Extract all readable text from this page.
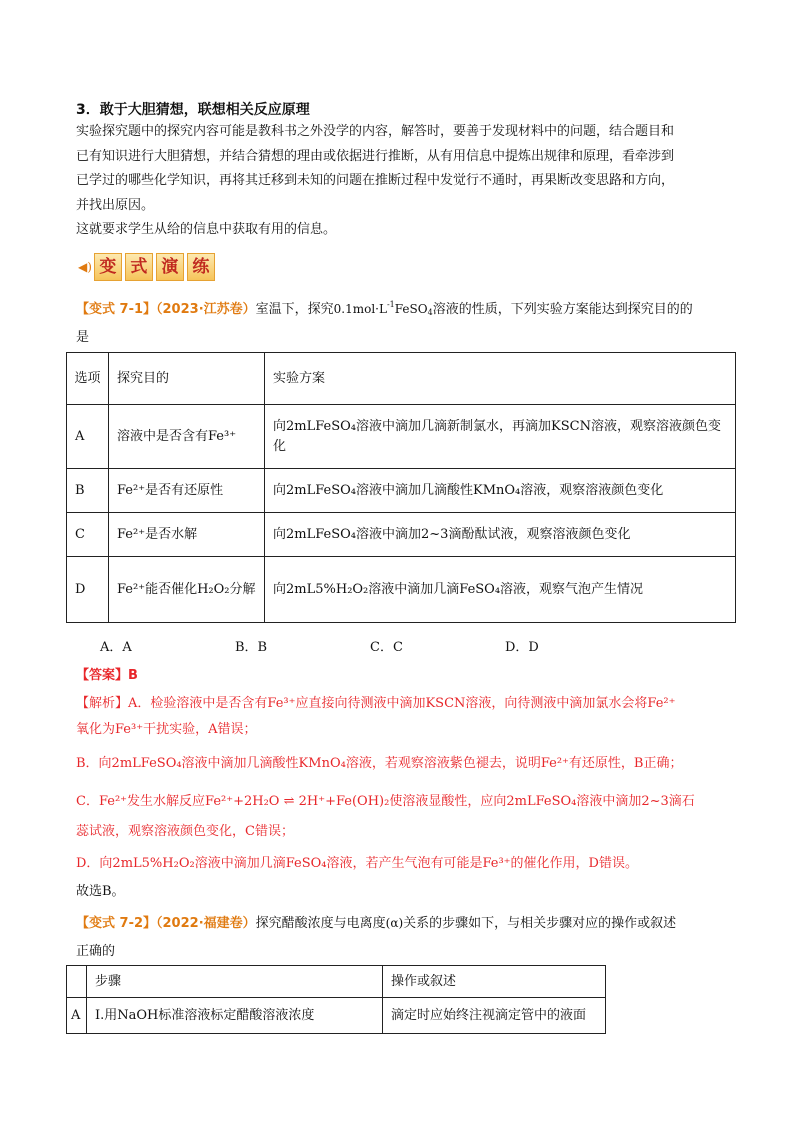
3．敢于大胆猜想，联想相关反应原理

实验探究题中的探究内容可能是教科书之外没学的内容，解答时，要善于发现材料中的问题，结合题目和

已有知识进行大胆猜想，并结合猜想的理由或依据进行推断，从有用信息中提炼出规律和原理，看牵涉到

已学过的哪些化学知识，再将其迁移到未知的问题在推断过程中发觉行不通时，再果断改变思路和方向，

并找出原因。

这就要求学生从给的信息中获取有用的信息。

◀) 变 式 演 练
【变式 7-1】（2023·江苏卷）室温下，探究$0.1mol\cdot L^{-1}FeSO_4$溶液的性质，下列实验方案能达到探究目的的
是
选项	探究目的	实验方案
A	溶液中是否含有Fe³⁺	向2mLFeSO₄溶液中滴加几滴新制氯水，再滴加KSCN溶液，观察溶液颜色变化
B	Fe²⁺是否有还原性	向2mLFeSO₄溶液中滴加几滴酸性KMnO₄溶液，观察溶液颜色变化
C	Fe²⁺是否水解	向2mLFeSO₄溶液中滴加2~3滴酚酞试液，观察溶液颜色变化
D	Fe²⁺能否催化H₂O₂分解	向2mL5%H₂O₂溶液中滴加几滴FeSO₄溶液，观察气泡产生情况
A．A	B．B	C．C	D．D
【答案】B
【解析】A．检验溶液中是否含有Fe³⁺应直接向待测液中滴加KSCN溶液，向待测液中滴加氯水会将Fe²⁺
氧化为Fe³⁺干扰实验，A错误；
B．向2mLFeSO₄溶液中滴加几滴酸性KMnO₄溶液，若观察溶液紫色褪去，说明Fe²⁺有还原性，B正确；
C．Fe²⁺发生水解反应Fe²⁺+2H₂O ⇌ 2H⁺+Fe(OH)₂使溶液显酸性，应向2mLFeSO₄溶液中滴加2~3滴石
蕊试液，观察溶液颜色变化，C错误；
D．向2mL5%H₂O₂溶液中滴加几滴FeSO₄溶液，若产生气泡有可能是Fe³⁺的催化作用，D错误。
故选B。
【变式 7-2】（2022·福建卷）探究醋酸浓度与电离度(α)关系的步骤如下，与相关步骤对应的操作或叙述
正确的
	步骤	操作或叙述
A	Ⅰ.用NaOH标准溶液标定醋酸溶液浓度	滴定时应始终注视滴定管中的液面
